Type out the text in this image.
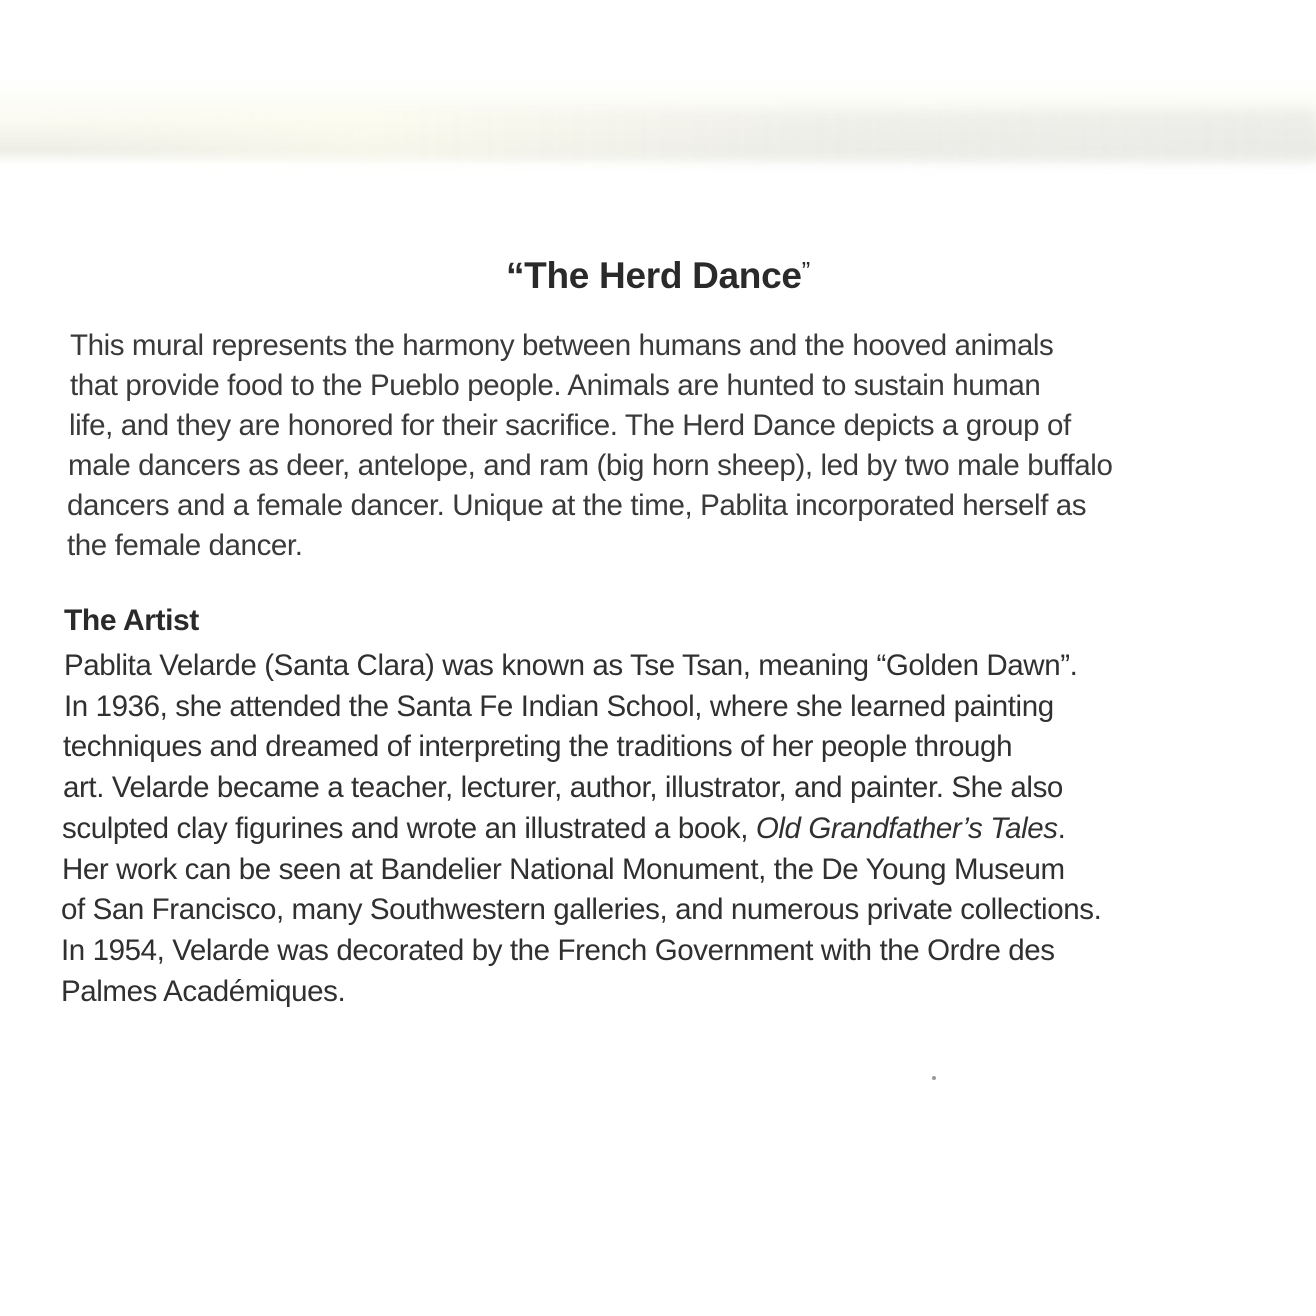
“The Herd Dance”
This mural represents the harmony between humans and the hooved animals
that provide food to the Pueblo people. Animals are hunted to sustain human
life, and they are honored for their sacrifice. The Herd Dance depicts a group of
male dancers as deer, antelope, and ram (big horn sheep), led by two male buffalo
dancers and a female dancer. Unique at the time, Pablita incorporated herself as
the female dancer.
The Artist
Pablita Velarde (Santa Clara) was known as Tse Tsan, meaning “Golden Dawn”.
In 1936, she attended the Santa Fe Indian School, where she learned painting
techniques and dreamed of interpreting the traditions of her people through
art. Velarde became a teacher, lecturer, author, illustrator, and painter. She also
sculpted clay figurines and wrote an illustrated a book, Old Grandfather’s Tales.
Her work can be seen at Bandelier National Monument, the De Young Museum
of San Francisco, many Southwestern galleries, and numerous private collections.
In 1954, Velarde was decorated by the French Government with the Ordre des
Palmes Académiques.
